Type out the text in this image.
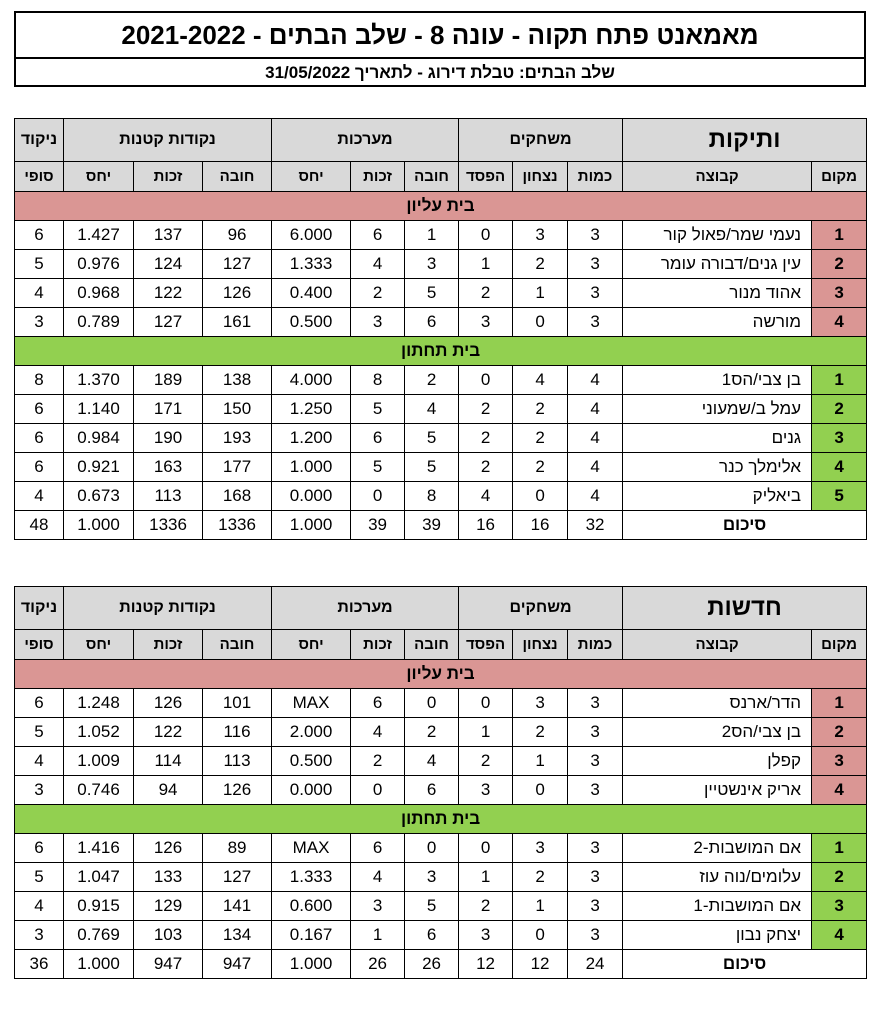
מאמאנט פתח תקוה - עונה 8 - שלב הבתים - 2021-2022
שלב הבתים: טבלת דירוג - לתאריך 31/05/2022
ותיקות		משחקים			מערכות			נקודות קטנות			ניקוד
מקום	קבוצה	כמות	נצחון	הפסד	חובה	זכות	יחס	חובה	זכות	יחס	סופי
בית עליון											
1	נעמי שמר/פאול קור	3	3	0	1	6	6.000	96	137	1.427	6
2	עין גנים/דבורה עומר	3	2	1	3	4	1.333	127	124	0.976	5
3	אהוד מנור	3	1	2	5	2	0.400	126	122	0.968	4
4	מורשה	3	0	3	6	3	0.500	161	127	0.789	3
בית תחתון											
1	בן צבי/הס1	4	4	0	2	8	4.000	138	189	1.370	8
2	עמל ב/שמעוני	4	2	2	4	5	1.250	150	171	1.140	6
3	גנים	4	2	2	5	6	1.200	193	190	0.984	6
4	אלימלך כנר	4	2	2	5	5	1.000	177	163	0.921	6
5	ביאליק	4	0	4	8	0	0.000	168	113	0.673	4
סיכום		32	16	16	39	39	1.000	1336	1336	1.000	48
חדשות		משחקים			מערכות			נקודות קטנות			ניקוד
מקום	קבוצה	כמות	נצחון	הפסד	חובה	זכות	יחס	חובה	זכות	יחס	סופי
בית עליון											
1	הדר/ארנס	3	3	0	0	6	MAX	101	126	1.248	6
2	בן צבי/הס2	3	2	1	2	4	2.000	116	122	1.052	5
3	קפלן	3	1	2	4	2	0.500	113	114	1.009	4
4	אריק אינשטיין	3	0	3	6	0	0.000	126	94	0.746	3
בית תחתון											
1	אם המושבות-2	3	3	0	0	6	MAX	89	126	1.416	6
2	עלומים/נוה עוז	3	2	1	3	4	1.333	127	133	1.047	5
3	אם המושבות-1	3	1	2	5	3	0.600	141	129	0.915	4
4	יצחק נבון	3	0	3	6	1	0.167	134	103	0.769	3
סיכום		24	12	12	26	26	1.000	947	947	1.000	36
